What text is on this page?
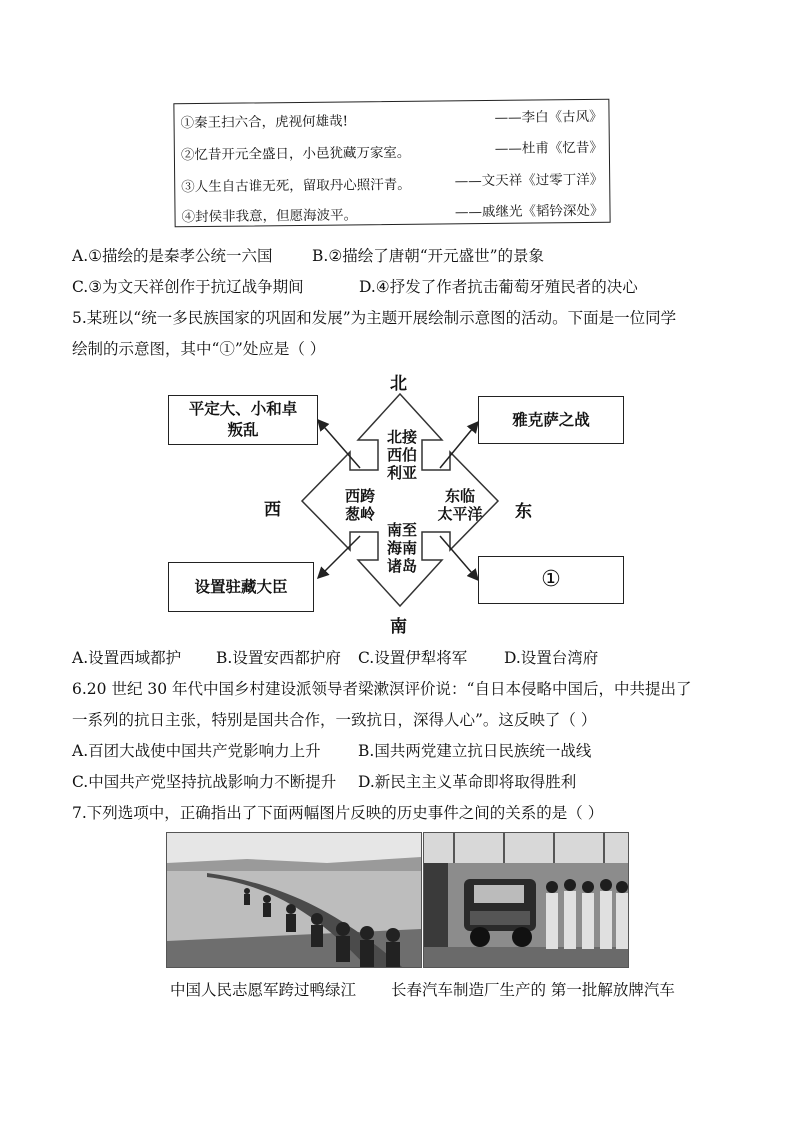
①秦王扫六合，虎视何雄哉!	——李白《古风》
②忆昔开元全盛日，小邑犹藏万家室。	——杜甫《忆昔》
③人生自古谁无死，留取丹心照汗青。	——文天祥《过零丁洋》
④封侯非我意，但愿海波平。	——戚继光《韬钤深处》
A.①描绘的是秦孝公统一六国	B.②描绘了唐朝“开元盛世”的景象
C.③为文天祥创作于抗辽战争期间	D.④抒发了作者抗击葡萄牙殖民者的决心
5.某班以“统一多民族国家的巩固和发展”为主题开展绘制示意图的活动。下面是一位同学
绘制的示意图，其中“①”处应是（ ）
北
南
西	东
北接
西伯
利亚
西跨
葱岭
东临
太平洋
南至
海南
诸岛
平定大、小和卓
叛乱
雅克萨之战
设置驻藏大臣	①
A.设置西域都护 B.设置安西都护府 C.设置伊犁将军 D.设置台湾府
6.20 世纪 30 年代中国乡村建设派领导者梁漱溟评价说：“自日本侵略中国后，中共提出了
一系列的抗日主张，特别是国共合作，一致抗日，深得人心”。这反映了（ ）
A.百团大战使中国共产党影响力上升 B.国共两党建立抗日民族统一战线
C.中国共产党坚持抗战影响力不断提升 D.新民主主义革命即将取得胜利
7.下列选项中，正确指出了下面两幅图片反映的历史事件之间的关系的是（ ）
中国人民志愿军跨过鸭绿江 长春汽车制造厂生产的 第一批解放牌汽车
